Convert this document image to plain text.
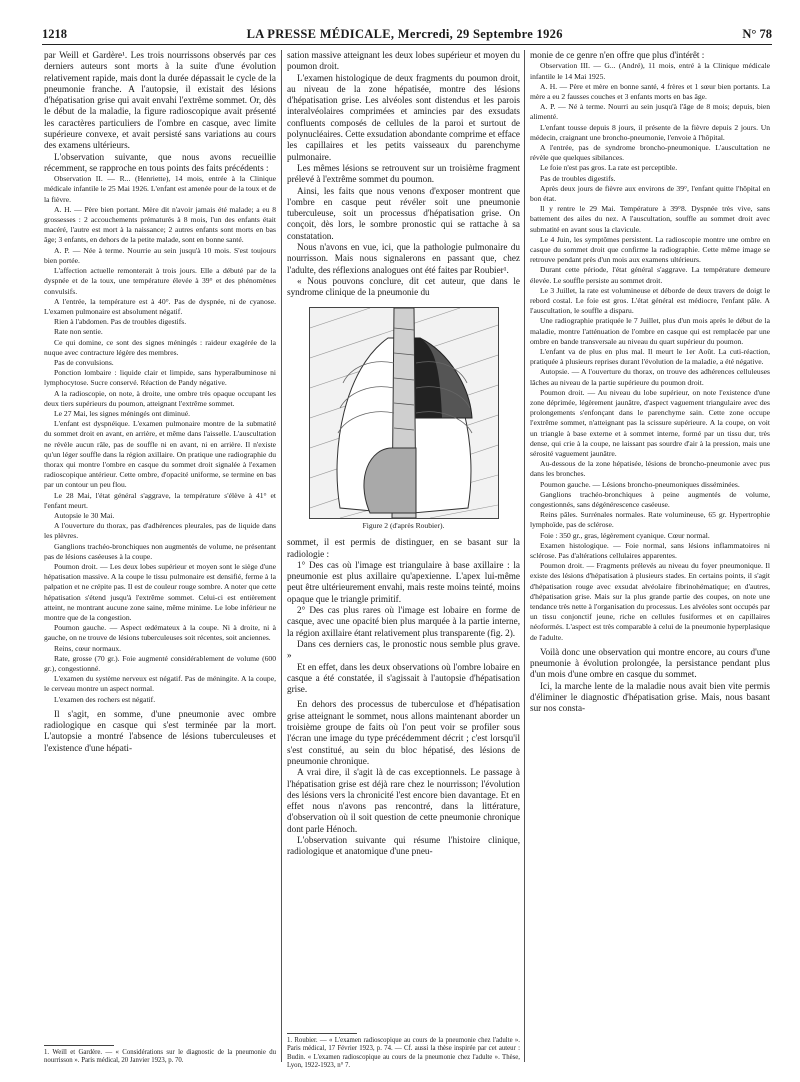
1218	LA PRESSE MÉDICALE, Mercredi, 29 Septembre 1926	N° 78

par Weill et Gardère¹. Les trois nourrissons observés par ces derniers auteurs sont morts à la suite d'une évolution relativement rapide, mais dont la durée dépassait le cycle de la pneumonie franche. A l'autopsie, il existait des lésions d'hépatisation grise qui avait envahi l'extrême sommet. Or, dès le début de la maladie, la figure radioscopique avait présenté les caractères particuliers de l'ombre en casque, avec limite supérieure convexe, et avait persisté sans variations au cours des examens ultérieurs.

L'observation suivante, que nous avons recueillie récemment, se rapproche en tous points des faits précédents :

Observation II. — R... (Henriette), 14 mois, entrée à la Clinique médicale infantile le 25 Mai 1926. L'enfant est amenée pour de la toux et de la fièvre.

A. H. — Père bien portant. Mère dit n'avoir jamais été malade; a eu 8 grossesses : 2 accouchements prématurés à 8 mois, l'un des enfants était macéré, l'autre est mort à la naissance; 2 autres enfants sont morts en bas âge; 3 enfants, en dehors de la petite malade, sont en bonne santé.

A. P. — Née à terme. Nourrie au sein jusqu'à 10 mois. S'est toujours bien portée.

L'affection actuelle remonterait à trois jours. Elle a débuté par de la dyspnée et de la toux, une température élevée à 39° et des phénomènes convulsifs.

A l'entrée, la température est à 40°. Pas de dyspnée, ni de cyanose. L'examen pulmonaire est absolument négatif.

Rien à l'abdomen. Pas de troubles digestifs.

Rate non sentie.

Ce qui domine, ce sont des signes méningés : raideur exagérée de la nuque avec contracture légère des membres.

Pas de convulsions.

Ponction lombaire : liquide clair et limpide, sans hyperalbuminose ni lymphocytose. Sucre conservé. Réaction de Pandy négative.

A la radioscopie, on note, à droite, une ombre très opaque occupant les deux tiers supérieurs du poumon, atteignant l'extrême sommet.

Le 27 Mai, les signes méningés ont diminué.

L'enfant est dyspnéique. L'examen pulmonaire montre de la submatité du sommet droit en avant, en arrière, et même dans l'aisselle. L'auscultation ne révèle aucun râle, pas de souffle ni en avant, ni en arrière. Il n'existe qu'un léger souffle dans la région axillaire. On pratique une radiographie du thorax qui montre l'ombre en casque du sommet droit signalée à l'examen radioscopique antérieur. Cette ombre, d'opacité uniforme, se termine en bas par un contour un peu flou.

Le 28 Mai, l'état général s'aggrave, la température s'élève à 41° et l'enfant meurt.

Autopsie le 30 Mai.

A l'ouverture du thorax, pas d'adhérences pleurales, pas de liquide dans les plèvres.

Ganglions trachéo-bronchiques non augmentés de volume, ne présentant pas de lésions caséeuses à la coupe.

Poumon droit. — Les deux lobes supérieur et moyen sont le siège d'une hépatisation massive. A la coupe le tissu pulmonaire est densifié, ferme à la palpation et ne crépite pas. Il est de couleur rouge sombre. A noter que cette hépatisation s'étend jusqu'à l'extrême sommet. Celui-ci est entièrement atteint, ne montrant aucune zone saine, même minime. Le lobe inférieur ne montre que de la congestion.

Poumon gauche. — Aspect œdémateux à la coupe. Ni à droite, ni à gauche, on ne trouve de lésions tuberculeuses soit récentes, soit anciennes.

Reins, cœur normaux.

Rate, grosse (70 gr.). Foie augmenté considérablement de volume (600 gr.), congestionné.

L'examen du système nerveux est négatif. Pas de méningite. A la coupe, le cerveau montre un aspect normal.

L'examen des rochers est négatif.

Il s'agit, en somme, d'une pneumonie avec ombre radiologique en casque qui s'est terminée par la mort. L'autopsie a montré l'absence de lésions tuberculeuses et l'existence d'une hépati-

1. Weill et Gardère. — « Considérations sur le diagnostic de la pneumonie du nourrisson ». Paris médical, 20 Janvier 1923, p. 70.

sation massive atteignant les deux lobes supérieur et moyen du poumon droit.

L'examen histologique de deux fragments du poumon droit, au niveau de la zone hépatisée, montre des lésions d'hépatisation grise. Les alvéoles sont distendus et les parois interalvéolaires comprimées et amincies par des exsudats confluents composés de cellules de la paroi et surtout de polynucléaires. Cette exsudation abondante comprime et efface les capillaires et les petits vaisseaux du parenchyme pulmonaire.

Les mêmes lésions se retrouvent sur un troisième fragment prélevé à l'extrême sommet du poumon.

Ainsi, les faits que nous venons d'exposer montrent que l'ombre en casque peut révéler soit une pneumonie tuberculeuse, soit un processus d'hépatisation grise. On conçoit, dès lors, le sombre pronostic qui se rattache à sa constatation.

Nous n'avons en vue, ici, que la pathologie pulmonaire du nourrisson. Mais nous signalerons en passant que, chez l'adulte, des réflexions analogues ont été faites par Roubier¹.

« Nous pouvons conclure, dit cet auteur, que dans le syndrome clinique de la pneumonie du

Figure 2 (d'après Roubier).

sommet, il est permis de distinguer, en se basant sur la radiologie :

1° Des cas où l'image est triangulaire à base axillaire : la pneumonie est plus axillaire qu'apexienne. L'apex lui-même peut être ultérieurement envahi, mais reste moins teinté, moins opaque que le triangle primitif.

2° Des cas plus rares où l'image est lobaire en forme de casque, avec une opacité bien plus marquée à la partie interne, la région axillaire étant relativement plus transparente (fig. 2).

Dans ces derniers cas, le pronostic nous semble plus grave. »

Et en effet, dans les deux observations où l'ombre lobaire en casque a été constatée, il s'agissait à l'autopsie d'hépatisation grise.

En dehors des processus de tuberculose et d'hépatisation grise atteignant le sommet, nous allons maintenant aborder un troisième groupe de faits où l'on peut voir se profiler sous l'écran une image du type précédemment décrit ; c'est lorsqu'il s'est constitué, au sein du bloc hépatisé, des lésions de pneumonie chronique.

A vrai dire, il s'agit là de cas exceptionnels. Le passage à l'hépatisation grise est déjà rare chez le nourrisson; l'évolution des lésions vers la chronicité l'est encore bien davantage. Et en effet nous n'avons pas rencontré, dans la littérature, d'observation où il soit question de cette pneumonie chronique dont parle Hénoch.

L'observation suivante qui résume l'histoire clinique, radiologique et anatomique d'une pneu-

1. Roubier. — « L'examen radioscopique au cours de la pneumonie chez l'adulte ». Paris médical, 17 Février 1923, p. 74. — Cf. aussi la thèse inspirée par cet auteur : Budin. « L'examen radioscopique au cours de la pneumonie chez l'adulte ». Thèse, Lyon, 1922-1923, n° 7.

monie de ce genre n'en offre que plus d'intérêt :

Observation III. — G... (André), 11 mois, entré à la Clinique médicale infantile le 14 Mai 1925.

A. H. — Père et mère en bonne santé, 4 frères et 1 sœur bien portants. La mère a eu 2 fausses couches et 3 enfants morts en bas âge.

A. P. — Né à terme. Nourri au sein jusqu'à l'âge de 8 mois; depuis, bien alimenté.

L'enfant tousse depuis 8 jours, il présente de la fièvre depuis 2 jours. Un médecin, craignant une broncho-pneumonie, l'envoie à l'hôpital.

A l'entrée, pas de syndrome broncho-pneumonique. L'auscultation ne révèle que quelques sibilances.

Le foie n'est pas gros. La rate est perceptible.

Pas de troubles digestifs.

Après deux jours de fièvre aux environs de 39°, l'enfant quitte l'hôpital en bon état.

Il y rentre le 29 Mai. Température à 39°8. Dyspnée très vive, sans battement des ailes du nez. A l'auscultation, souffle au sommet droit avec submatité en avant sous la clavicule.

Le 4 Juin, les symptômes persistent. La radioscopie montre une ombre en casque du sommet droit que confirme la radiographie. Cette même image se retrouve pendant près d'un mois aux examens ultérieurs.

Durant cette période, l'état général s'aggrave. La température demeure élevée. Le souffle persiste au sommet droit.

Le 3 Juillet, la rate est volumineuse et déborde de deux travers de doigt le rebord costal. Le foie est gros. L'état général est médiocre, l'enfant pâle. A l'auscultation, le souffle a disparu.

Une radiographie pratiquée le 7 Juillet, plus d'un mois après le début de la maladie, montre l'atténuation de l'ombre en casque qui est remplacée par une ombre en bande transversale au niveau du quart supérieur du poumon.

L'enfant va de plus en plus mal. Il meurt le 1er Août. La cuti-réaction, pratiquée à plusieurs reprises durant l'évolution de la maladie, a été négative.

Autopsie. — A l'ouverture du thorax, on trouve des adhérences celluleuses lâches au niveau de la partie supérieure du poumon droit.

Poumon droit. — Au niveau du lobe supérieur, on note l'existence d'une zone déprimée, légèrement jaunâtre, d'aspect vaguement triangulaire avec des prolongements s'enfonçant dans le parenchyme sain. Cette zone occupe l'extrême sommet, n'atteignant pas la scissure supérieure. A la coupe, on voit un triangle à base externe et à sommet interne, formé par un tissu dur, très dense, qui crie à la coupe, ne laissant pas sourdre d'air à la pression, mais une sérosité vaguement jaunâtre.

Au-dessous de la zone hépatisée, lésions de broncho-pneumonie avec pus dans les bronches.

Poumon gauche. — Lésions broncho-pneumoniques disséminées.

Ganglions trachéo-bronchiques à peine augmentés de volume, congestionnés, sans dégénérescence caséeuse.

Reins pâles. Surrénales normales. Rate volumineuse, 65 gr. Hypertrophie lymphoïde, pas de sclérose.

Foie : 350 gr., gras, légèrement cyanique. Cœur normal.

Examen histologique. — Foie normal, sans lésions inflammatoires ni sclérose. Pas d'altérations cellulaires apparentes.

Poumon droit. — Fragments prélevés au niveau du foyer pneumonique. Il existe des lésions d'hépatisation à plusieurs stades. En certains points, il s'agit d'hépatisation rouge avec exsudat alvéolaire fibrinohématique; en d'autres, d'hépatisation grise. Mais sur la plus grande partie des coupes, on note une tendance très nette à l'organisation du processus. Les alvéoles sont occupés par un tissu conjonctif jeune, riche en cellules fusiformes et en capillaires néoformés. L'aspect est très comparable à celui de la pneumonie hyperplasique de l'adulte.

Voilà donc une observation qui montre encore, au cours d'une pneumonie à évolution prolongée, la persistance pendant plus d'un mois d'une ombre en casque du sommet.

Ici, la marche lente de la maladie nous avait bien vite permis d'éliminer le diagnostic d'hépatisation grise. Mais, nous basant sur nos consta-
